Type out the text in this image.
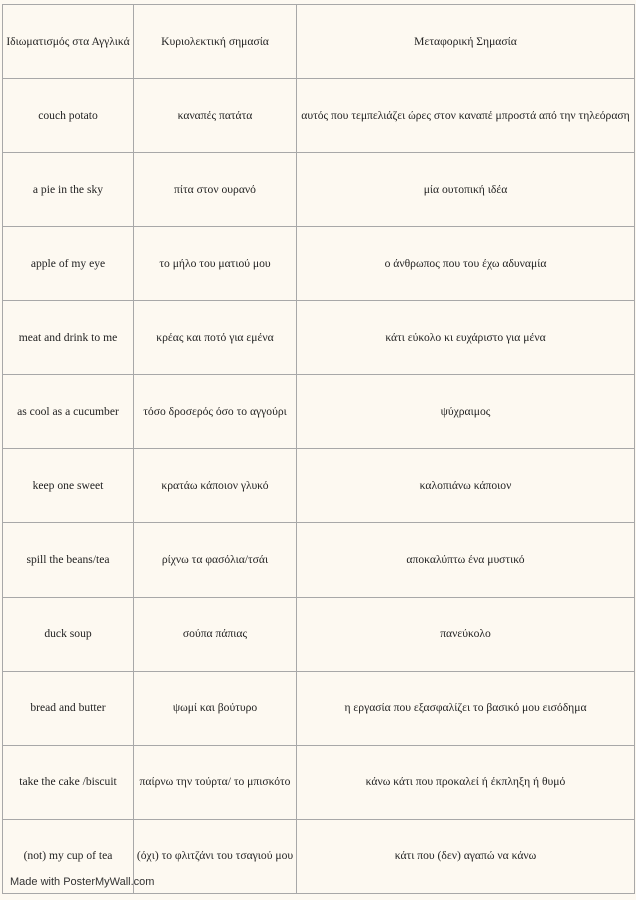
Ιδιωματισμός στα Αγγλικά	Κυριολεκτική σημασία	Μεταφορική Σημασία
couch potato	καναπές πατάτα	αυτός που τεμπελιάζει ώρες στον καναπέ μπροστά από την τηλεόραση
a pie in the sky	πίτα στον ουρανό	μία ουτοπική ιδέα
apple of my eye	το μήλο του ματιού μου	ο άνθρωπος που του έχω αδυναμία
meat and drink to me	κρέας και ποτό για εμένα	κάτι εύκολο κι ευχάριστο για μένα
as cool as a cucumber	τόσο δροσερός όσο το αγγούρι	ψύχραιμος
keep one sweet	κρατάω κάποιον γλυκό	καλοπιάνω κάποιον
spill the beans/tea	ρίχνω τα φασόλια/τσάι	αποκαλύπτω ένα μυστικό
duck soup	σούπα πάπιας	πανεύκολο
bread and butter	ψωμί και βούτυρο	η εργασία που εξασφαλίζει το βασικό μου εισόδημα
take the cake /biscuit	παίρνω την τούρτα/ το μπισκότο	κάνω κάτι που προκαλεί ή έκπληξη ή θυμό
(not) my cup of tea	(όχι) το φλιτζάνι του τσαγιού μου	κάτι που (δεν) αγαπώ να κάνω
Made with PosterMyWall.com
